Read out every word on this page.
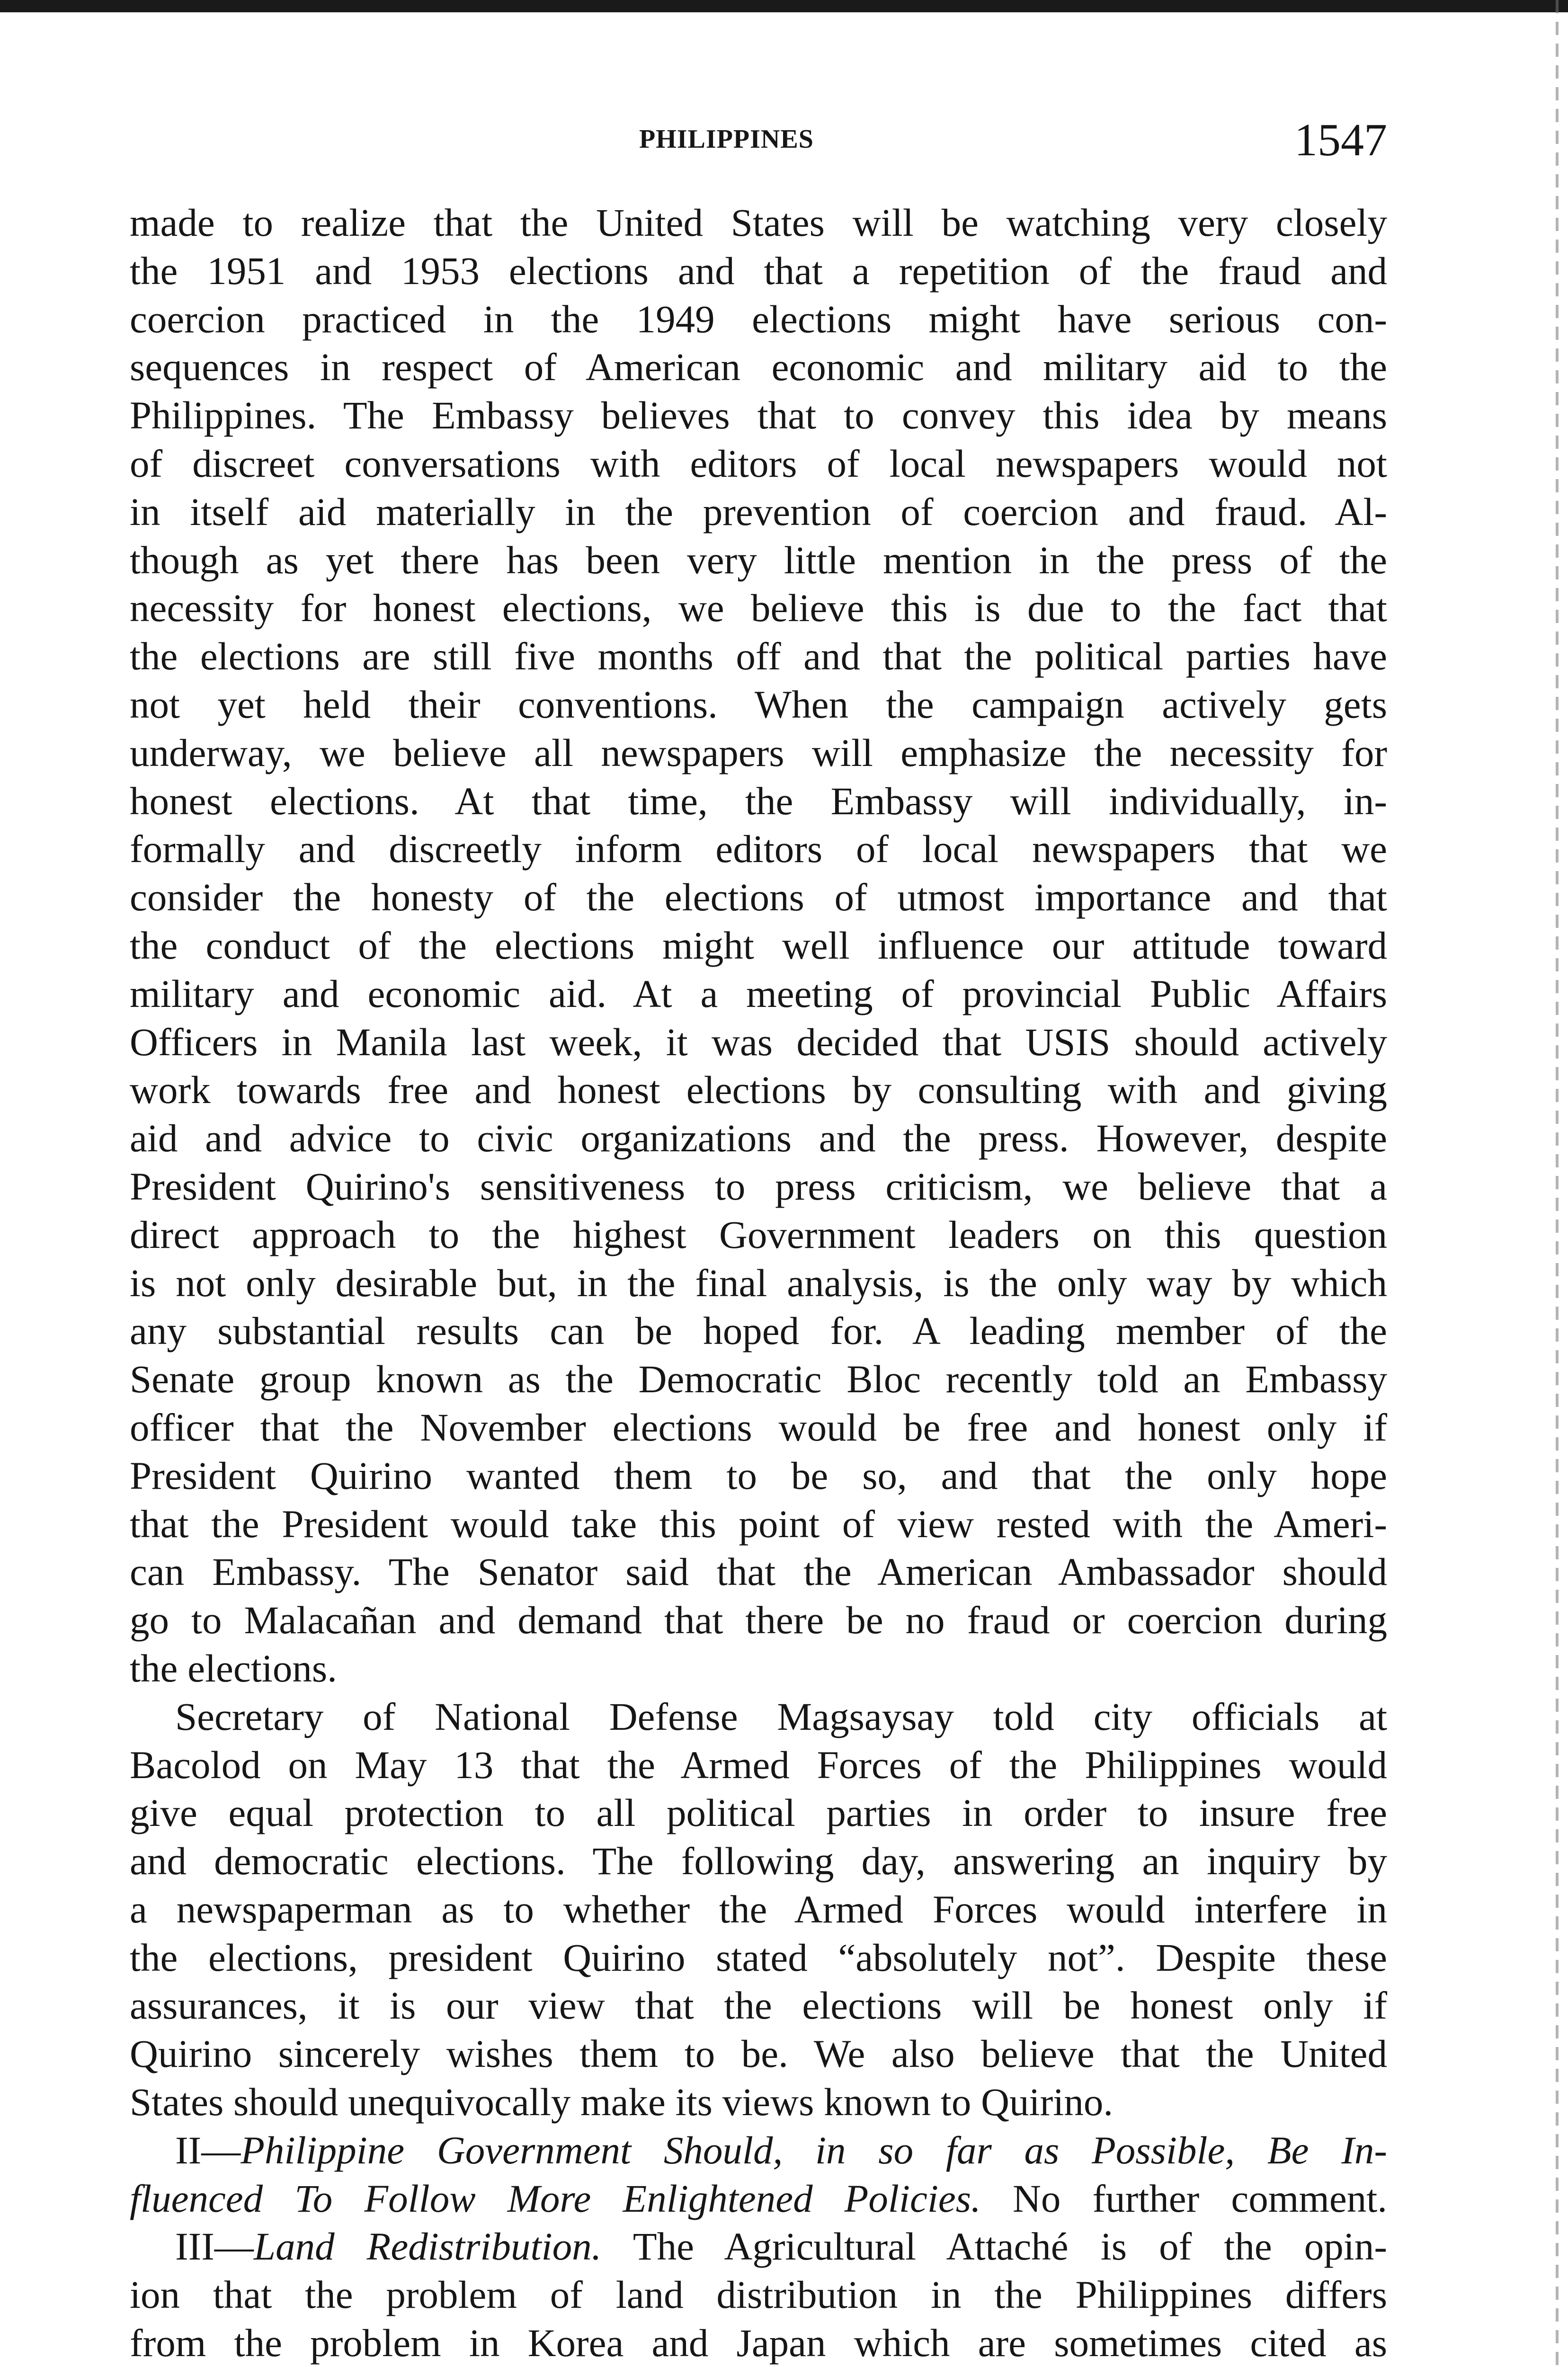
PHILIPPINES	1547
made to realize that the United States will be watching very closely
the 1951 and 1953 elections and that a repetition of the fraud and
coercion practiced in the 1949 elections might have serious con-
sequences in respect of American economic and military aid to the
Philippines. The Embassy believes that to convey this idea by means
of discreet conversations with editors of local newspapers would not
in itself aid materially in the prevention of coercion and fraud. Al-
though as yet there has been very little mention in the press of the
necessity for honest elections, we believe this is due to the fact that
the elections are still five months off and that the political parties have
not yet held their conventions. When the campaign actively gets
underway, we believe all newspapers will emphasize the necessity for
honest elections. At that time, the Embassy will individually, in-
formally and discreetly inform editors of local newspapers that we
consider the honesty of the elections of utmost importance and that
the conduct of the elections might well influence our attitude toward
military and economic aid. At a meeting of provincial Public Affairs
Officers in Manila last week, it was decided that USIS should actively
work towards free and honest elections by consulting with and giving
aid and advice to civic organizations and the press. However, despite
President Quirino's sensitiveness to press criticism, we believe that a
direct approach to the highest Government leaders on this question
is not only desirable but, in the final analysis, is the only way by which
any substantial results can be hoped for. A leading member of the
Senate group known as the Democratic Bloc recently told an Embassy
officer that the November elections would be free and honest only if
President Quirino wanted them to be so, and that the only hope
that the President would take this point of view rested with the Ameri-
can Embassy. The Senator said that the American Ambassador should
go to Malacañan and demand that there be no fraud or coercion during
the elections.
Secretary of National Defense Magsaysay told city officials at
Bacolod on May 13 that the Armed Forces of the Philippines would
give equal protection to all political parties in order to insure free
and democratic elections. The following day, answering an inquiry by
a newspaperman as to whether the Armed Forces would interfere in
the elections, president Quirino stated “absolutely not”. Despite these
assurances, it is our view that the elections will be honest only if
Quirino sincerely wishes them to be. We also believe that the United
States should unequivocally make its views known to Quirino.
II—Philippine Government Should, in so far as Possible, Be In-
fluenced To Follow More Enlightened Policies. No further comment.
III—Land Redistribution. The Agricultural Attaché is of the opin-
ion that the problem of land distribution in the Philippines differs
from the problem in Korea and Japan which are sometimes cited as
